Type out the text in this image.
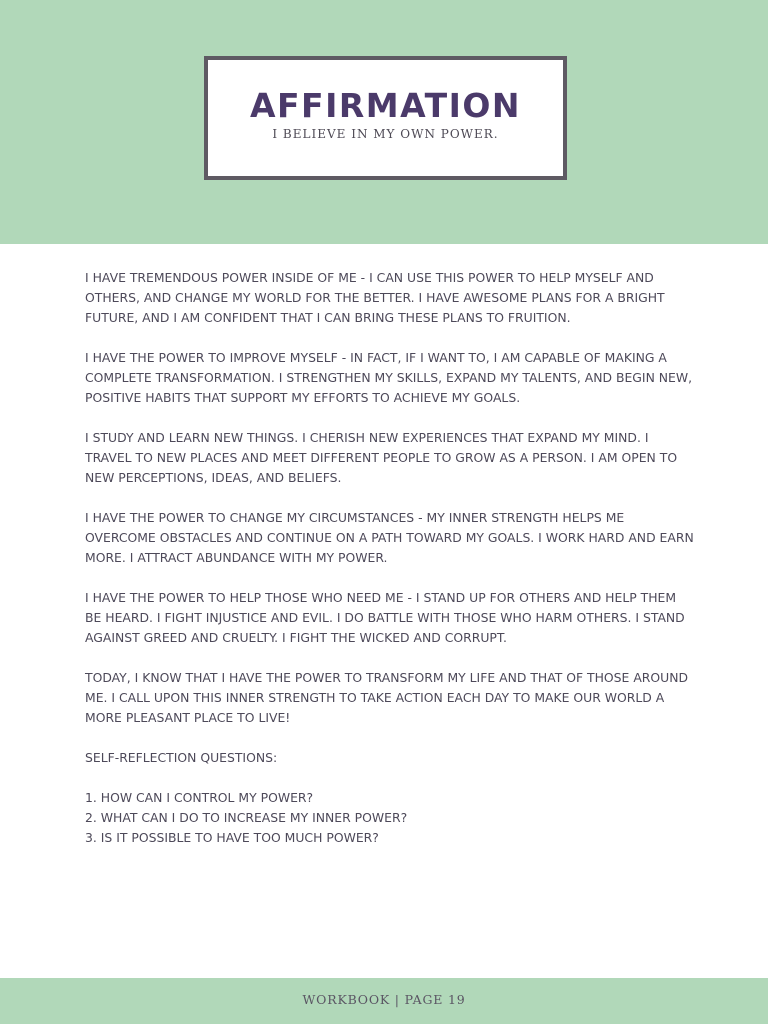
AFFIRMATION
I BELIEVE IN MY OWN POWER.

I HAVE TREMENDOUS POWER INSIDE OF ME - I CAN USE THIS POWER TO HELP MYSELF AND OTHERS, AND CHANGE MY WORLD FOR THE BETTER. I HAVE AWESOME PLANS FOR A BRIGHT FUTURE, AND I AM CONFIDENT THAT I CAN BRING THESE PLANS TO FRUITION.

I HAVE THE POWER TO IMPROVE MYSELF - IN FACT, IF I WANT TO, I AM CAPABLE OF MAKING A COMPLETE TRANSFORMATION. I STRENGTHEN MY SKILLS, EXPAND MY TALENTS, AND BEGIN NEW, POSITIVE HABITS THAT SUPPORT MY EFFORTS TO ACHIEVE MY GOALS.

I STUDY AND LEARN NEW THINGS. I CHERISH NEW EXPERIENCES THAT EXPAND MY MIND. I TRAVEL TO NEW PLACES AND MEET DIFFERENT PEOPLE TO GROW AS A PERSON. I AM OPEN TO NEW PERCEPTIONS, IDEAS, AND BELIEFS.

I HAVE THE POWER TO CHANGE MY CIRCUMSTANCES - MY INNER STRENGTH HELPS ME OVERCOME OBSTACLES AND CONTINUE ON A PATH TOWARD MY GOALS. I WORK HARD AND EARN MORE. I ATTRACT ABUNDANCE WITH MY POWER.

I HAVE THE POWER TO HELP THOSE WHO NEED ME - I STAND UP FOR OTHERS AND HELP THEM BE HEARD. I FIGHT INJUSTICE AND EVIL. I DO BATTLE WITH THOSE WHO HARM OTHERS. I STAND AGAINST GREED AND CRUELTY. I FIGHT THE WICKED AND CORRUPT.

TODAY, I KNOW THAT I HAVE THE POWER TO TRANSFORM MY LIFE AND THAT OF THOSE AROUND ME. I CALL UPON THIS INNER STRENGTH TO TAKE ACTION EACH DAY TO MAKE OUR WORLD A MORE PLEASANT PLACE TO LIVE!

SELF-REFLECTION QUESTIONS:

1. HOW CAN I CONTROL MY POWER?
2. WHAT CAN I DO TO INCREASE MY INNER POWER?
3. IS IT POSSIBLE TO HAVE TOO MUCH POWER?
WORKBOOK | PAGE 19
